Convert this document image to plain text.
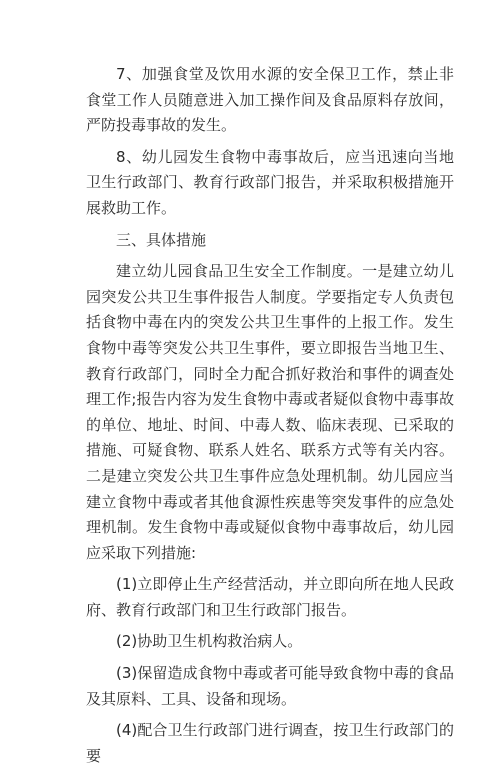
7、加强食堂及饮用水源的安全保卫工作，禁止非食堂工作人员随意进入加工操作间及食品原料存放间，严防投毒事故的发生。

8、幼儿园发生食物中毒事故后，应当迅速向当地卫生行政部门、教育行政部门报告，并采取积极措施开展救助工作。

三、具体措施

建立幼儿园食品卫生安全工作制度。一是建立幼儿园突发公共卫生事件报告人制度。学要指定专人负责包括食物中毒在内的突发公共卫生事件的上报工作。发生食物中毒等突发公共卫生事件，要立即报告当地卫生、教育行政部门，同时全力配合抓好救治和事件的调查处理工作;报告内容为发生食物中毒或者疑似食物中毒事故的单位、地址、时间、中毒人数、临床表现、已采取的措施、可疑食物、联系人姓名、联系方式等有关内容。二是建立突发公共卫生事件应急处理机制。幼儿园应当建立食物中毒或者其他食源性疾患等突发事件的应急处理机制。发生食物中毒或疑似食物中毒事故后，幼儿园应采取下列措施:

(1)立即停止生产经营活动，并立即向所在地人民政府、教育行政部门和卫生行政部门报告。

(2)协助卫生机构救治病人。

(3)保留造成食物中毒或者可能导致食物中毒的食品及其原料、工具、设备和现场。

(4)配合卫生行政部门进行调查，按卫生行政部门的要
